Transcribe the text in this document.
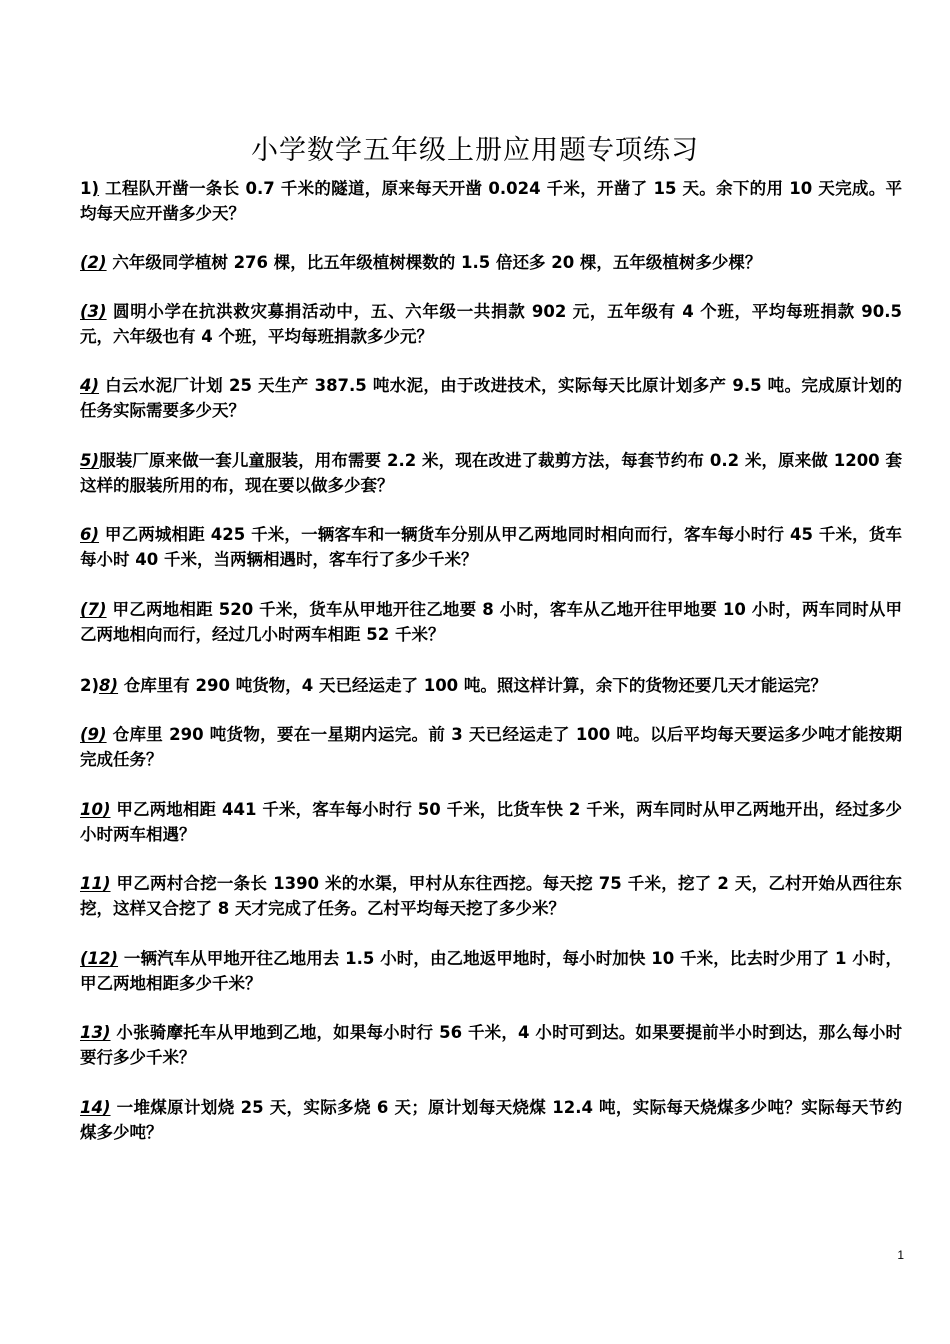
小学数学五年级上册应用题专项练习
1) 工程队开凿一条长 0.7 千米的隧道，原来每天开凿 0.024 千米，开凿了 15 天。余下的用 10 天完成。平均每天应开凿多少天？
(2) 六年级同学植树 276 棵，比五年级植树棵数的 1.5 倍还多 20 棵，五年级植树多少棵？
(3) 圆明小学在抗洪救灾募捐活动中，五、六年级一共捐款 902 元，五年级有 4 个班，平均每班捐款 90.5 元，六年级也有 4 个班，平均每班捐款多少元？
4) 白云水泥厂计划 25 天生产 387.5 吨水泥，由于改进技术，实际每天比原计划多产 9.5 吨。完成原计划的任务实际需要多少天？
5)服装厂原来做一套儿童服装，用布需要 2.2 米，现在改进了裁剪方法，每套节约布 0.2 米，原来做 1200 套这样的服装所用的布，现在要以做多少套？
6) 甲乙两城相距 425 千米，一辆客车和一辆货车分别从甲乙两地同时相向而行，客车每小时行 45 千米，货车每小时 40 千米，当两辆相遇时，客车行了多少千米？
(7) 甲乙两地相距 520 千米，货车从甲地开往乙地要 8 小时，客车从乙地开往甲地要 10 小时，两车同时从甲乙两地相向而行，经过几小时两车相距 52 千米？
2)8) 仓库里有 290 吨货物，4 天已经运走了 100 吨。照这样计算，余下的货物还要几天才能运完？
(9) 仓库里 290 吨货物，要在一星期内运完。前 3 天已经运走了 100 吨。以后平均每天要运多少吨才能按期完成任务？
10) 甲乙两地相距 441 千米，客车每小时行 50 千米，比货车快 2 千米，两车同时从甲乙两地开出，经过多少小时两车相遇？
11) 甲乙两村合挖一条长 1390 米的水渠，甲村从东往西挖。每天挖 75 千米，挖了 2 天，乙村开始从西往东挖，这样又合挖了 8 天才完成了任务。乙村平均每天挖了多少米？
(12) 一辆汽车从甲地开往乙地用去 1.5 小时，由乙地返甲地时，每小时加快 10 千米，比去时少用了 1 小时，甲乙两地相距多少千米？
13) 小张骑摩托车从甲地到乙地，如果每小时行 56 千米，4 小时可到达。如果要提前半小时到达，那么每小时要行多少千米？
14) 一堆煤原计划烧 25 天，实际多烧 6 天；原计划每天烧煤 12.4 吨，实际每天烧煤多少吨？实际每天节约煤多少吨？
1
